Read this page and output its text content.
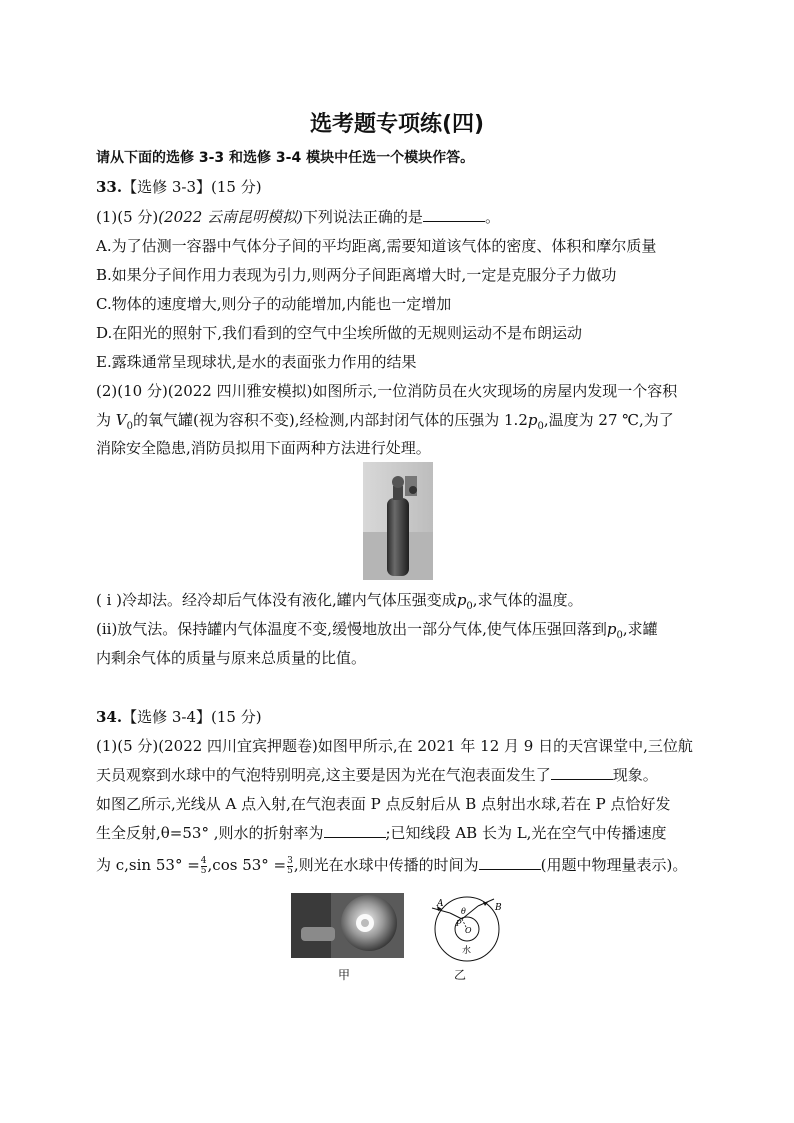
选考题专项练(四)
请从下面的选修 3-3 和选修 3-4 模块中任选一个模块作答。
33.【选修 3-3】(15 分)
(1)(5 分)(2022 云南昆明模拟)下列说法正确的是	。
A.为了估测一容器中气体分子间的平均距离,需要知道该气体的密度、体积和摩尔质量
B.如果分子间作用力表现为引力,则两分子间距离增大时,一定是克服分子力做功
C.物体的速度增大,则分子的动能增加,内能也一定增加
D.在阳光的照射下,我们看到的空气中尘埃所做的无规则运动不是布朗运动
E.露珠通常呈现球状,是水的表面张力作用的结果
(2)(10 分)(2022 四川雅安模拟)如图所示,一位消防员在火灾现场的房屋内发现一个容积
为 $V_0$的氧气罐(视为容积不变),经检测,内部封闭气体的压强为 $1.2p_0$,温度为 27 ℃,为了
消除安全隐患,消防员拟用下面两种方法进行处理。
( i )冷却法。经冷却后气体没有液化,罐内气体压强变成$p_0$,求气体的温度。
(ii)放气法。保持罐内气体温度不变,缓慢地放出一部分气体,使气体压强回落到$p_0$,求罐
内剩余气体的质量与原来总质量的比值。
34.【选修 3-4】(15 分)
(1)(5 分)(2022 四川宜宾押题卷)如图甲所示,在 2021 年 12 月 9 日的天宫课堂中,三位航
天员观察到水球中的气泡特别明亮,这主要是因为光在气泡表面发生了	现象。
如图乙所示,光线从 A 点入射,在气泡表面 P 点反射后从 B 点射出水球,若在 P 点恰好发
生全反射,θ=53° ,则水的折射率为	;已知线段 AB 长为 L,光在空气中传播速度
为 c,sin $53^\circ = \frac{4}{5} ,\cos$ $53^\circ = \frac{3}{5}$ ,则光在水球中传播的时间为	(用题中物理量表示)。
甲
A	B
θ
P
O
水
乙
